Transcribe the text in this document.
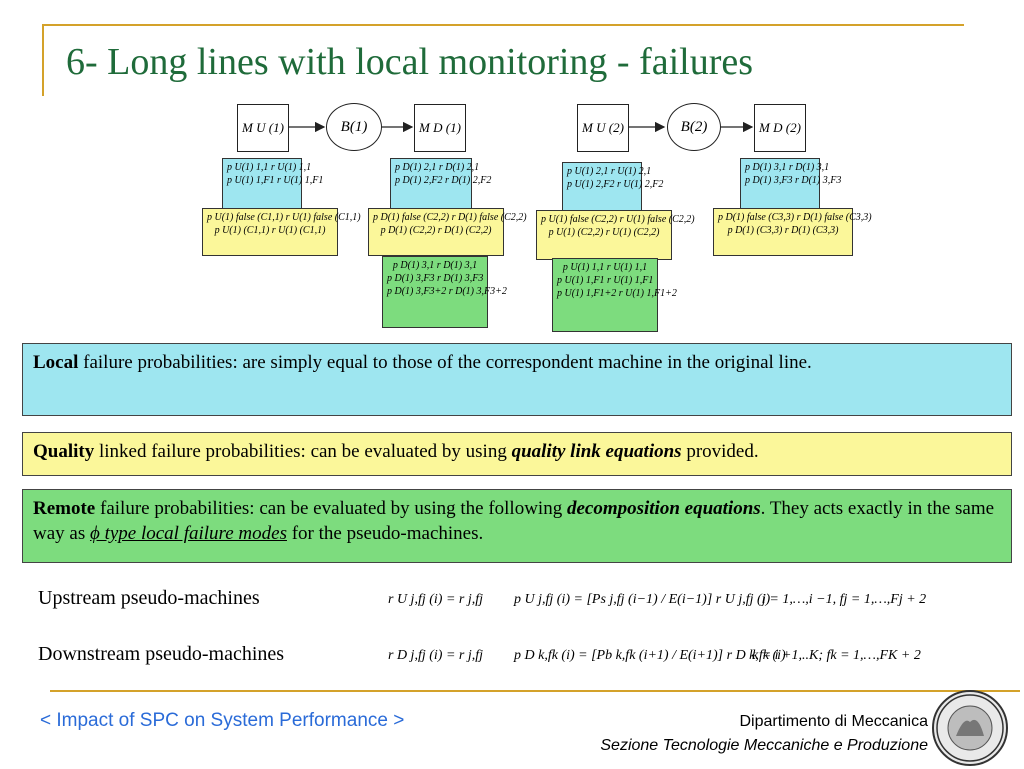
6- Long lines with local monitoring - failures
M U (1)	B(1)	M D (1)	M U (2)	B(2)	M D (2)
p U(1) 1,1 r U(1) 1,1
p U(1) 1,F1 r U(1) 1,F1
p U(1) false (C1,1) r U(1) false (C1,1)
p U(1) (C1,1) r U(1) (C1,1)
p D(1) 2,1 r D(1) 2,1
p D(1) 2,F2 r D(1) 2,F2
p D(1) false (C2,2) r D(1) false (C2,2)
p D(1) (C2,2) r D(1) (C2,2)
p D(1) 3,1 r D(1) 3,1
p D(1) 3,F3 r D(1) 3,F3
p D(1) 3,F3+2 r D(1) 3,F3+2
p U(1) 2,1 r U(1) 2,1
p U(1) 2,F2 r U(1) 2,F2
p U(1) false (C2,2) r U(1) false (C2,2)
p U(1) (C2,2) r U(1) (C2,2)
p U(1) 1,1 r U(1) 1,1
p U(1) 1,F1 r U(1) 1,F1
p U(1) 1,F1+2 r U(1) 1,F1+2
p D(1) 3,1 r D(1) 3,1
p D(1) 3,F3 r D(1) 3,F3
p D(1) false (C3,3) r D(1) false (C3,3)
p D(1) (C3,3) r D(1) (C3,3)
Local failure probabilities: are simply equal to those of the correspondent machine in the original line.
Quality linked failure probabilities: can be evaluated by using quality link equations provided.
Remote failure probabilities: can be evaluated by using the following decomposition equations. They acts exactly in the same way as ϕ type local failure modes for the pseudo-machines.
Upstream pseudo-machines	r U j,fj (i) = r j,fj p U j,fj (i) = [Ps j,fj (i−1) / E(i−1)] r U j,fj (i)
j = 1,…,i −1, fj = 1,…,Fj + 2
Downstream pseudo-machines	r D j,fj (i) = r j,fj p D k,fk (i) = [Pb k,fk (i+1) / E(i+1)] r D k,fk (i)
k = i +1,..K; fk = 1,…,FK + 2
< Impact of SPC on System Performance >	Dipartimento di Meccanica
Sezione Tecnologie Meccaniche e Produzione
